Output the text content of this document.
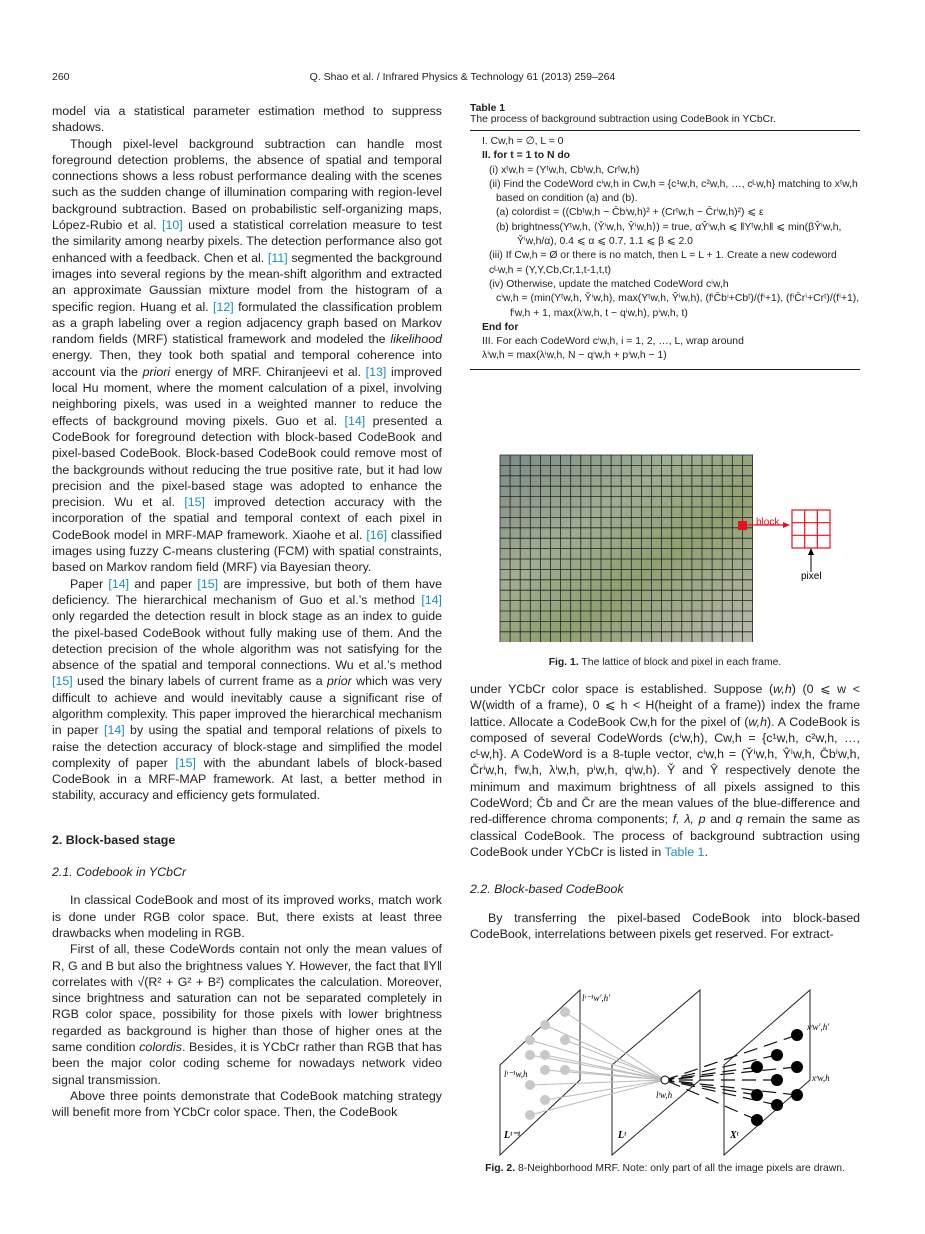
260	Q. Shao et al. / Infrared Physics & Technology 61 (2013) 259–264

model via a statistical parameter estimation method to suppress shadows.

Though pixel-level background subtraction can handle most foreground detection problems, the absence of spatial and temporal connections shows a less robust performance dealing with the scenes such as the sudden change of illumination comparing with region-level background subtraction. Based on probabilistic self-organizing maps, López-Rubio et al. [10] used a statistical correlation measure to test the similarity among nearby pixels. The detection performance also got enhanced with a feedback. Chen et al. [11] segmented the background images into several regions by the mean-shift algorithm and extracted an approximate Gaussian mixture model from the histogram of a specific region. Huang et al. [12] formulated the classification problem as a graph labeling over a region adjacency graph based on Markov random fields (MRF) statistical framework and modeled the likelihood energy. Then, they took both spatial and temporal coherence into account via the priori energy of MRF. Chiranjeevi et al. [13] improved local Hu moment, where the moment calculation of a pixel, involving neighboring pixels, was used in a weighted manner to reduce the effects of background moving pixels. Guo et al. [14] presented a CodeBook for foreground detection with block-based CodeBook and pixel-based CodeBook. Block-based CodeBook could remove most of the backgrounds without reducing the true positive rate, but it had low precision and the pixel-based stage was adopted to enhance the precision. Wu et al. [15] improved detection accuracy with the incorporation of the spatial and temporal context of each pixel in CodeBook model in MRF-MAP framework. Xiaohe et al. [16] classified images using fuzzy C-means clustering (FCM) with spatial constraints, based on Markov random field (MRF) via Bayesian theory.

Paper [14] and paper [15] are impressive, but both of them have deficiency. The hierarchical mechanism of Guo et al.’s method [14] only regarded the detection result in block stage as an index to guide the pixel-based CodeBook without fully making use of them. And the detection precision of the whole algorithm was not satisfying for the absence of the spatial and temporal connections. Wu et al.’s method [15] used the binary labels of current frame as a prior which was very difficult to achieve and would inevitably cause a significant rise of algorithm complexity. This paper improved the hierarchical mechanism in paper [14] by using the spatial and temporal relations of pixels to raise the detection accuracy of block-stage and simplified the model complexity of paper [15] with the abundant labels of block-based CodeBook in a MRF-MAP framework. At last, a better method in stability, accuracy and efficiency gets formulated.

2. Block-based stage
2.1. Codebook in YCbCr

In classical CodeBook and most of its improved works, match work is done under RGB color space. But, there exists at least three drawbacks when modeling in RGB.

First of all, these CodeWords contain not only the mean values of R, G and B but also the brightness values Y. However, the fact that ‖Y‖ correlates with √(R² + G² + B²) complicates the calculation. Moreover, since brightness and saturation can not be separated completely in RGB color space, possibility for those pixels with lower brightness regarded as background is higher than those of higher ones at the same condition colordis. Besides, it is YCbCr rather than RGB that has been the major color coding scheme for nowadays network video signal transmission.

Above three points demonstrate that CodeBook matching strategy will benefit more from YCbCr color space. Then, the CodeBook

Table 1
The process of background subtraction using CodeBook in YCbCr.
I. Cw,h = ∅, L = 0
II. for t = 1 to N do
(i) xᵗw,h = (Yᵗw,h, Cbᵗw,h, Crᵗw,h)
(ii) Find the CodeWord cⁱw,h in Cw,h = {c¹w,h, c²w,h, …, cᴸw,h} matching to xᵗw,h
based on condition (a) and (b).
(a) colordist = ((Cbᵗw,h − C̄bⁱw,h)² + (Crᵗw,h − C̄rⁱw,h)²) ⩽ ε
(b) brightness(Yᵗw,h, ⟨Y̌ⁱw,h, Ŷⁱw,h⟩) = true, αŶⁱw,h ⩽ ‖Yᵗw,h‖ ⩽ min(βŶⁱw,h,
Y̌ⁱw,h/α), 0.4 ⩽ α ⩽ 0.7, 1.1 ⩽ β ⩽ 2.0
(iii) If Cw,h = Ø or there is no match, then L = L + 1. Create a new codeword
cᴸw,h = (Y,Y,Cb,Cr,1,t-1,t,t)
(iv) Otherwise, update the matched CodeWord cⁱw,h
cⁱw,h = (min(Yᵗw,h, Y̌ⁱw,h), max(Yᵗw,h, Ŷⁱw,h), (fⁱC̄bⁱ+Cbᵗ)/(fⁱ+1), (fⁱC̄rⁱ+Crᵗ)/(fⁱ+1),
fⁱw,h + 1, max(λⁱw,h, t − qⁱw,h), pⁱw,h, t)
End for
III. For each CodeWord cⁱw,h, i = 1, 2, …, L, wrap around
λⁱw,h = max(λⁱw,h, N − qⁱw,h + pⁱw,h − 1)
block
pixel
Fig. 1. The lattice of block and pixel in each frame.

under YCbCr color space is established. Suppose (w,h) (0 ⩽ w < W(width of a frame), 0 ⩽ h < H(height of a frame)) index the frame lattice. Allocate a CodeBook Cw,h for the pixel of (w,h). A CodeBook is composed of several CodeWords (cⁱw,h), Cw,h = {c¹w,h, c²w,h, …, cᴸw,h}. A CodeWord is a 8-tuple vector, cⁱw,h = (Y̌ⁱw,h, Ŷⁱw,h, C̄bⁱw,h, C̄rⁱw,h, fⁱw,h, λⁱw,h, pⁱw,h, qⁱw,h). Y̌ and Ŷ respectively denote the minimum and maximum brightness of all pixels assigned to this CodeWord; C̄b and C̄r are the mean values of the blue-difference and red-difference chroma components; f, λ, p and q remain the same as classical CodeBook. The process of background subtraction using CodeBook under YCbCr is listed in Table 1.

2.2. Block-based CodeBook

By transferring the pixel-based CodeBook into block-based CodeBook, interrelations between pixels get reserved. For extract-

Lᵗ⁻¹	Lᵗ	Xᵗ
lᵗ⁻¹w,h
lᵗ⁻¹w′,h′
lᵗw,h
xᵗw′,h′
xᵗw,h
Fig. 2. 8-Neighborhood MRF. Note: only part of all the image pixels are drawn.
